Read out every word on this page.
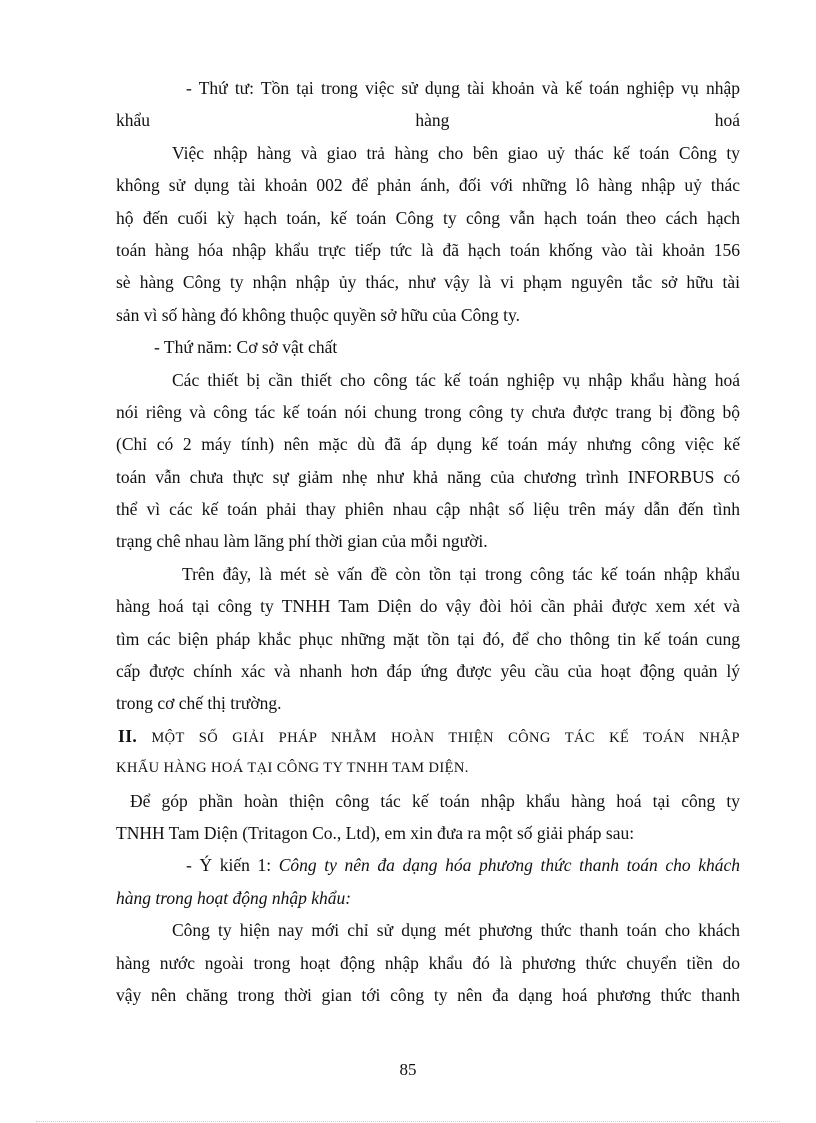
- Thứ tư: Tồn tại trong việc sử dụng tài khoản và kế toán nghiệp vụ nhập
khẩu hàng hoá
Việc nhập hàng và giao trả hàng cho bên giao uỷ thác kế toán Công ty
không sử dụng tài khoản 002 để phản ánh, đối với những lô hàng nhập uỷ thác
hộ đến cuối kỳ hạch toán, kế toán Công ty công vẫn hạch toán theo cách hạch
toán hàng hóa nhập khẩu trực tiếp tức là đã hạch toán khống vào tài khoản 156
sè hàng Công ty nhận nhập ủy thác, như vậy là vi phạm nguyên tắc sở hữu tài
sản vì số hàng đó không thuộc quyền sở hữu của Công ty.
- Thứ năm: Cơ sở vật chất
Các thiết bị cần thiết cho công tác kế toán nghiệp vụ nhập khẩu hàng hoá
nói riêng và công tác kế toán nói chung trong công ty chưa được trang bị đồng bộ
(Chỉ có 2 máy tính) nên mặc dù đã áp dụng kế toán máy nhưng công việc kế
toán vẫn chưa thực sự giảm nhẹ như khả năng của chương trình INFORBUS có
thể vì các kế toán phải thay phiên nhau cập nhật số liệu trên máy dẫn đến tình
trạng chê nhau làm lãng phí thời gian của mỗi người.
Trên đây, là mét sè vấn đề còn tồn tại trong công tác kế toán nhập khẩu
hàng hoá tại công ty TNHH Tam Diện do vậy đòi hỏi cần phải được xem xét và
tìm các biện pháp khắc phục những mặt tồn tại đó, để cho thông tin kế toán cung
cấp được chính xác và nhanh hơn đáp ứng được yêu cầu của hoạt động quản lý
trong cơ chế thị trường.
II. MỘT SỐ GIẢI PHÁP NHẰM HOÀN THIỆN CÔNG TÁC KẾ TOÁN NHẬP
KHẨU HÀNG HOÁ TẠI CÔNG TY TNHH TAM DIỆN.
Để góp phần hoàn thiện công tác kế toán nhập khẩu hàng hoá tại công ty
TNHH Tam Diện (Tritagon Co., Ltd), em xin đưa ra một số giải pháp sau:
- Ý kiến 1: Công ty nên đa dạng hóa phương thức thanh toán cho khách
hàng trong hoạt động nhập khẩu:
Công ty hiện nay mới chỉ sử dụng mét phương thức thanh toán cho khách
hàng nước ngoài trong hoạt động nhập khẩu đó là phương thức chuyển tiền do
vậy nên chăng trong thời gian tới công ty nên đa dạng hoá phương thức thanh
85
